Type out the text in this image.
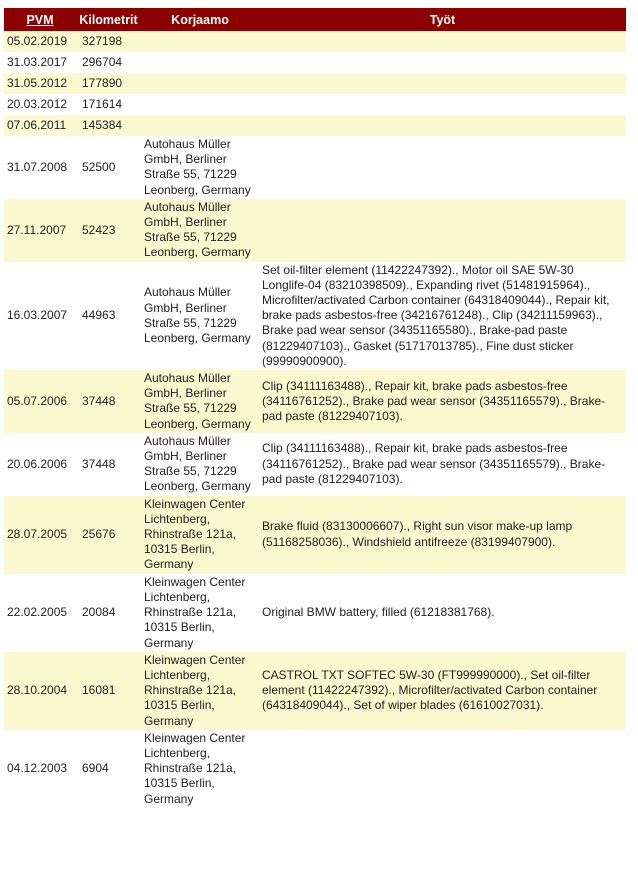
PVM	Kilometrit	Korjaamo	Työt
05.02.2019	327198		
31.03.2017	296704		
31.05.2012	177890		
20.03.2012	171614		
07.06.2011	145384		
31.07.2008	52500	Autohaus Müller GmbH, Berliner Straße 55, 71229 Leonberg, Germany	
27.11.2007	52423	Autohaus Müller GmbH, Berliner Straße 55, 71229 Leonberg, Germany	
16.03.2007	44963	Autohaus Müller GmbH, Berliner Straße 55, 71229 Leonberg, Germany	Set oil-filter element (11422247392)., Motor oil SAE 5W-30 Longlife-04 (83210398509)., Expanding rivet (51481915964)., Microfilter/activated Carbon container (64318409044)., Repair kit, brake pads asbestos-free (34216761248)., Clip (34211159963)., Brake pad wear sensor (34351165580)., Brake-pad paste (81229407103)., Gasket (51717013785)., Fine dust sticker (99990900900).
05.07.2006	37448	Autohaus Müller GmbH, Berliner Straße 55, 71229 Leonberg, Germany	Clip (34111163488)., Repair kit, brake pads asbestos-free (34116761252)., Brake pad wear sensor (34351165579)., Brake-pad paste (81229407103).
20.06.2006	37448	Autohaus Müller GmbH, Berliner Straße 55, 71229 Leonberg, Germany	Clip (34111163488)., Repair kit, brake pads asbestos-free (34116761252)., Brake pad wear sensor (34351165579)., Brake-pad paste (81229407103).
28.07.2005	25676	Kleinwagen Center Lichtenberg, Rhinstraße 121a, 10315 Berlin, Germany	Brake fluid (83130006607)., Right sun visor make-up lamp (51168258036)., Windshield antifreeze (83199407900).
22.02.2005	20084	Kleinwagen Center Lichtenberg, Rhinstraße 121a, 10315 Berlin, Germany	Original BMW battery, filled (61218381768).
28.10.2004	16081	Kleinwagen Center Lichtenberg, Rhinstraße 121a, 10315 Berlin, Germany	CASTROL TXT SOFTEC 5W-30 (FT999990000)., Set oil-filter element (11422247392)., Microfilter/activated Carbon container (64318409044)., Set of wiper blades (61610027031).
04.12.2003	6904	Kleinwagen Center Lichtenberg, Rhinstraße 121a, 10315 Berlin, Germany	
